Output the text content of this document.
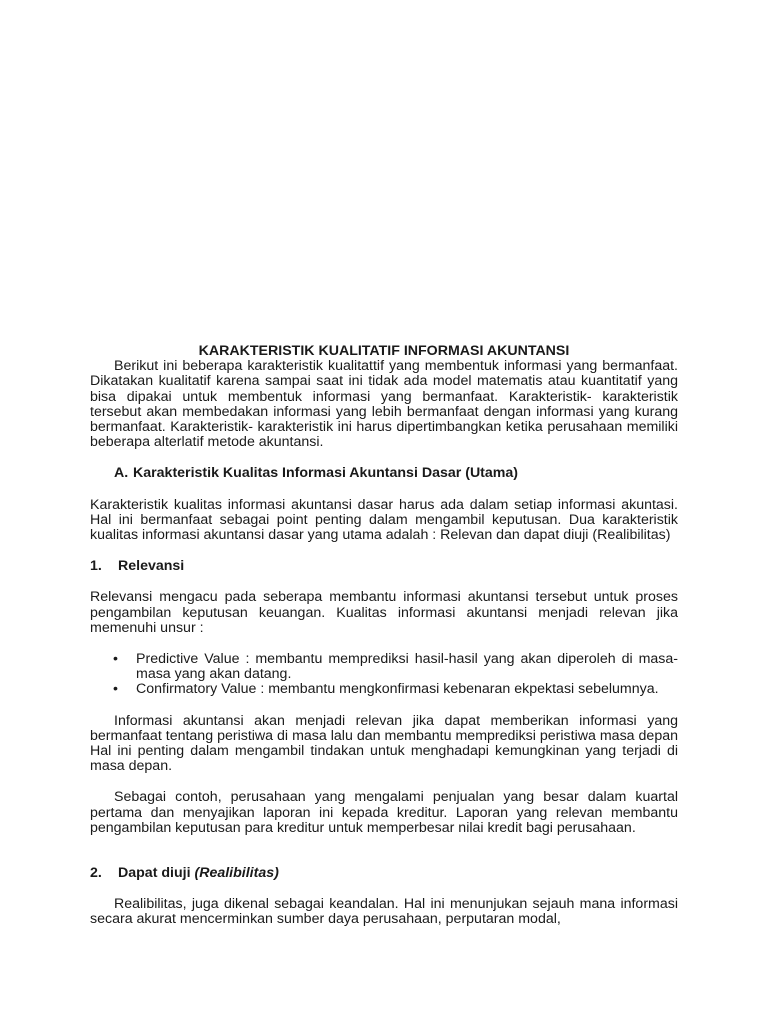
KARAKTERISTIK KUALITATIF INFORMASI AKUNTANSI

Berikut ini beberapa karakteristik kualitattif yang membentuk informasi yang bermanfaat. Dikatakan kualitatif karena sampai saat ini tidak ada model matematis atau kuantitatif yang bisa dipakai untuk membentuk informasi yang bermanfaat. Karakteristik- karakteristik tersebut akan membedakan informasi yang lebih bermanfaat dengan informasi yang kurang bermanfaat. Karakteristik- karakteristik ini harus dipertimbangkan ketika perusahaan memiliki beberapa alterlatif metode akuntansi.

A. Karakteristik Kualitas Informasi Akuntansi Dasar (Utama)

Karakteristik kualitas informasi akuntansi dasar harus ada dalam setiap informasi akuntasi. Hal ini bermanfaat sebagai point penting dalam mengambil keputusan. Dua karakteristik kualitas informasi akuntansi dasar yang utama adalah : Relevan dan dapat diuji (Realibilitas)

1. Relevansi

Relevansi mengacu pada seberapa membantu informasi akuntansi tersebut untuk proses pengambilan keputusan keuangan. Kualitas informasi akuntansi menjadi relevan jika memenuhi unsur :

• Predictive Value : membantu memprediksi hasil-hasil yang akan diperoleh di masa-masa yang akan datang.
• Confirmatory Value : membantu mengkonfirmasi kebenaran ekpektasi sebelumnya.

Informasi akuntansi akan menjadi relevan jika dapat memberikan informasi yang bermanfaat tentang peristiwa di masa lalu dan membantu memprediksi peristiwa masa depan Hal ini penting dalam mengambil tindakan untuk menghadapi kemungkinan yang terjadi di masa depan.

Sebagai contoh, perusahaan yang mengalami penjualan yang besar dalam kuartal pertama dan menyajikan laporan ini kepada kreditur. Laporan yang relevan membantu pengambilan keputusan para kreditur untuk memperbesar nilai kredit bagi perusahaan.

2. Dapat diuji (Realibilitas)

Realibilitas, juga dikenal sebagai keandalan. Hal ini menunjukan sejauh mana informasi secara akurat mencerminkan sumber daya perusahaan, perputaran modal,
